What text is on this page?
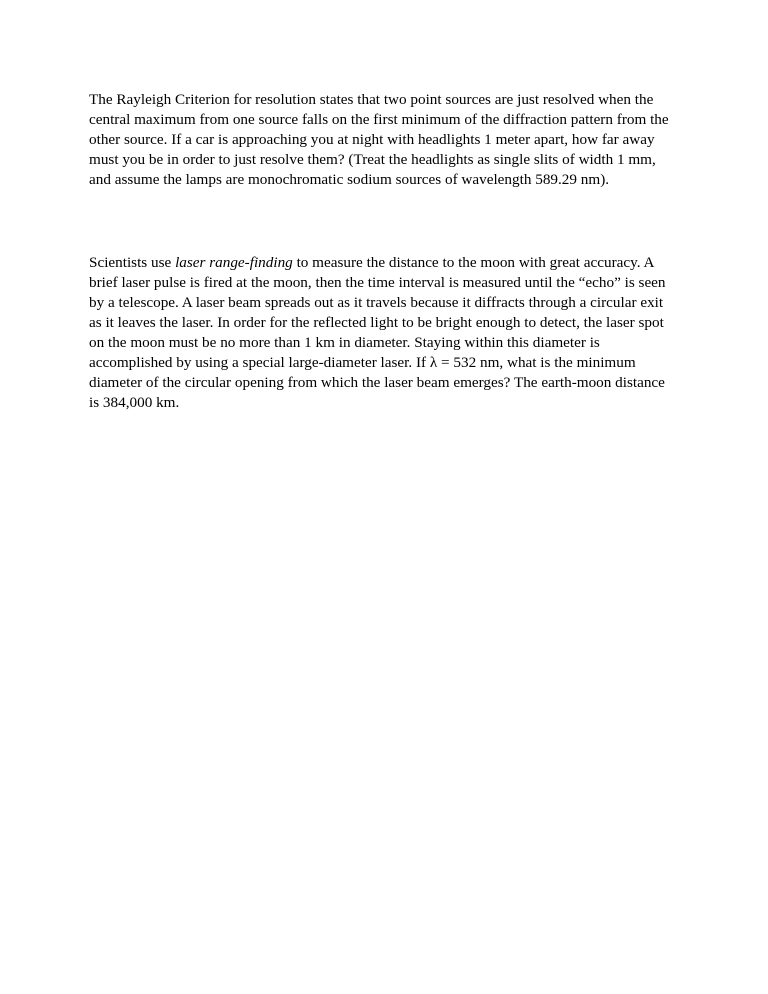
The Rayleigh Criterion for resolution states that two point sources are just resolved when the
central maximum from one source falls on the first minimum of the diffraction pattern from the
other source. If a car is approaching you at night with headlights 1 meter apart, how far away
must you be in order to just resolve them? (Treat the headlights as single slits of width 1 mm,
and assume the lamps are monochromatic sodium sources of wavelength 589.29 nm).

Scientists use laser range-finding to measure the distance to the moon with great accuracy. A
brief laser pulse is fired at the moon, then the time interval is measured until the “echo” is seen
by a telescope. A laser beam spreads out as it travels because it diffracts through a circular exit
as it leaves the laser. In order for the reflected light to be bright enough to detect, the laser spot
on the moon must be no more than 1 km in diameter. Staying within this diameter is
accomplished by using a special large-diameter laser. If λ = 532 nm, what is the minimum
diameter of the circular opening from which the laser beam emerges? The earth-moon distance
is 384,000 km.
